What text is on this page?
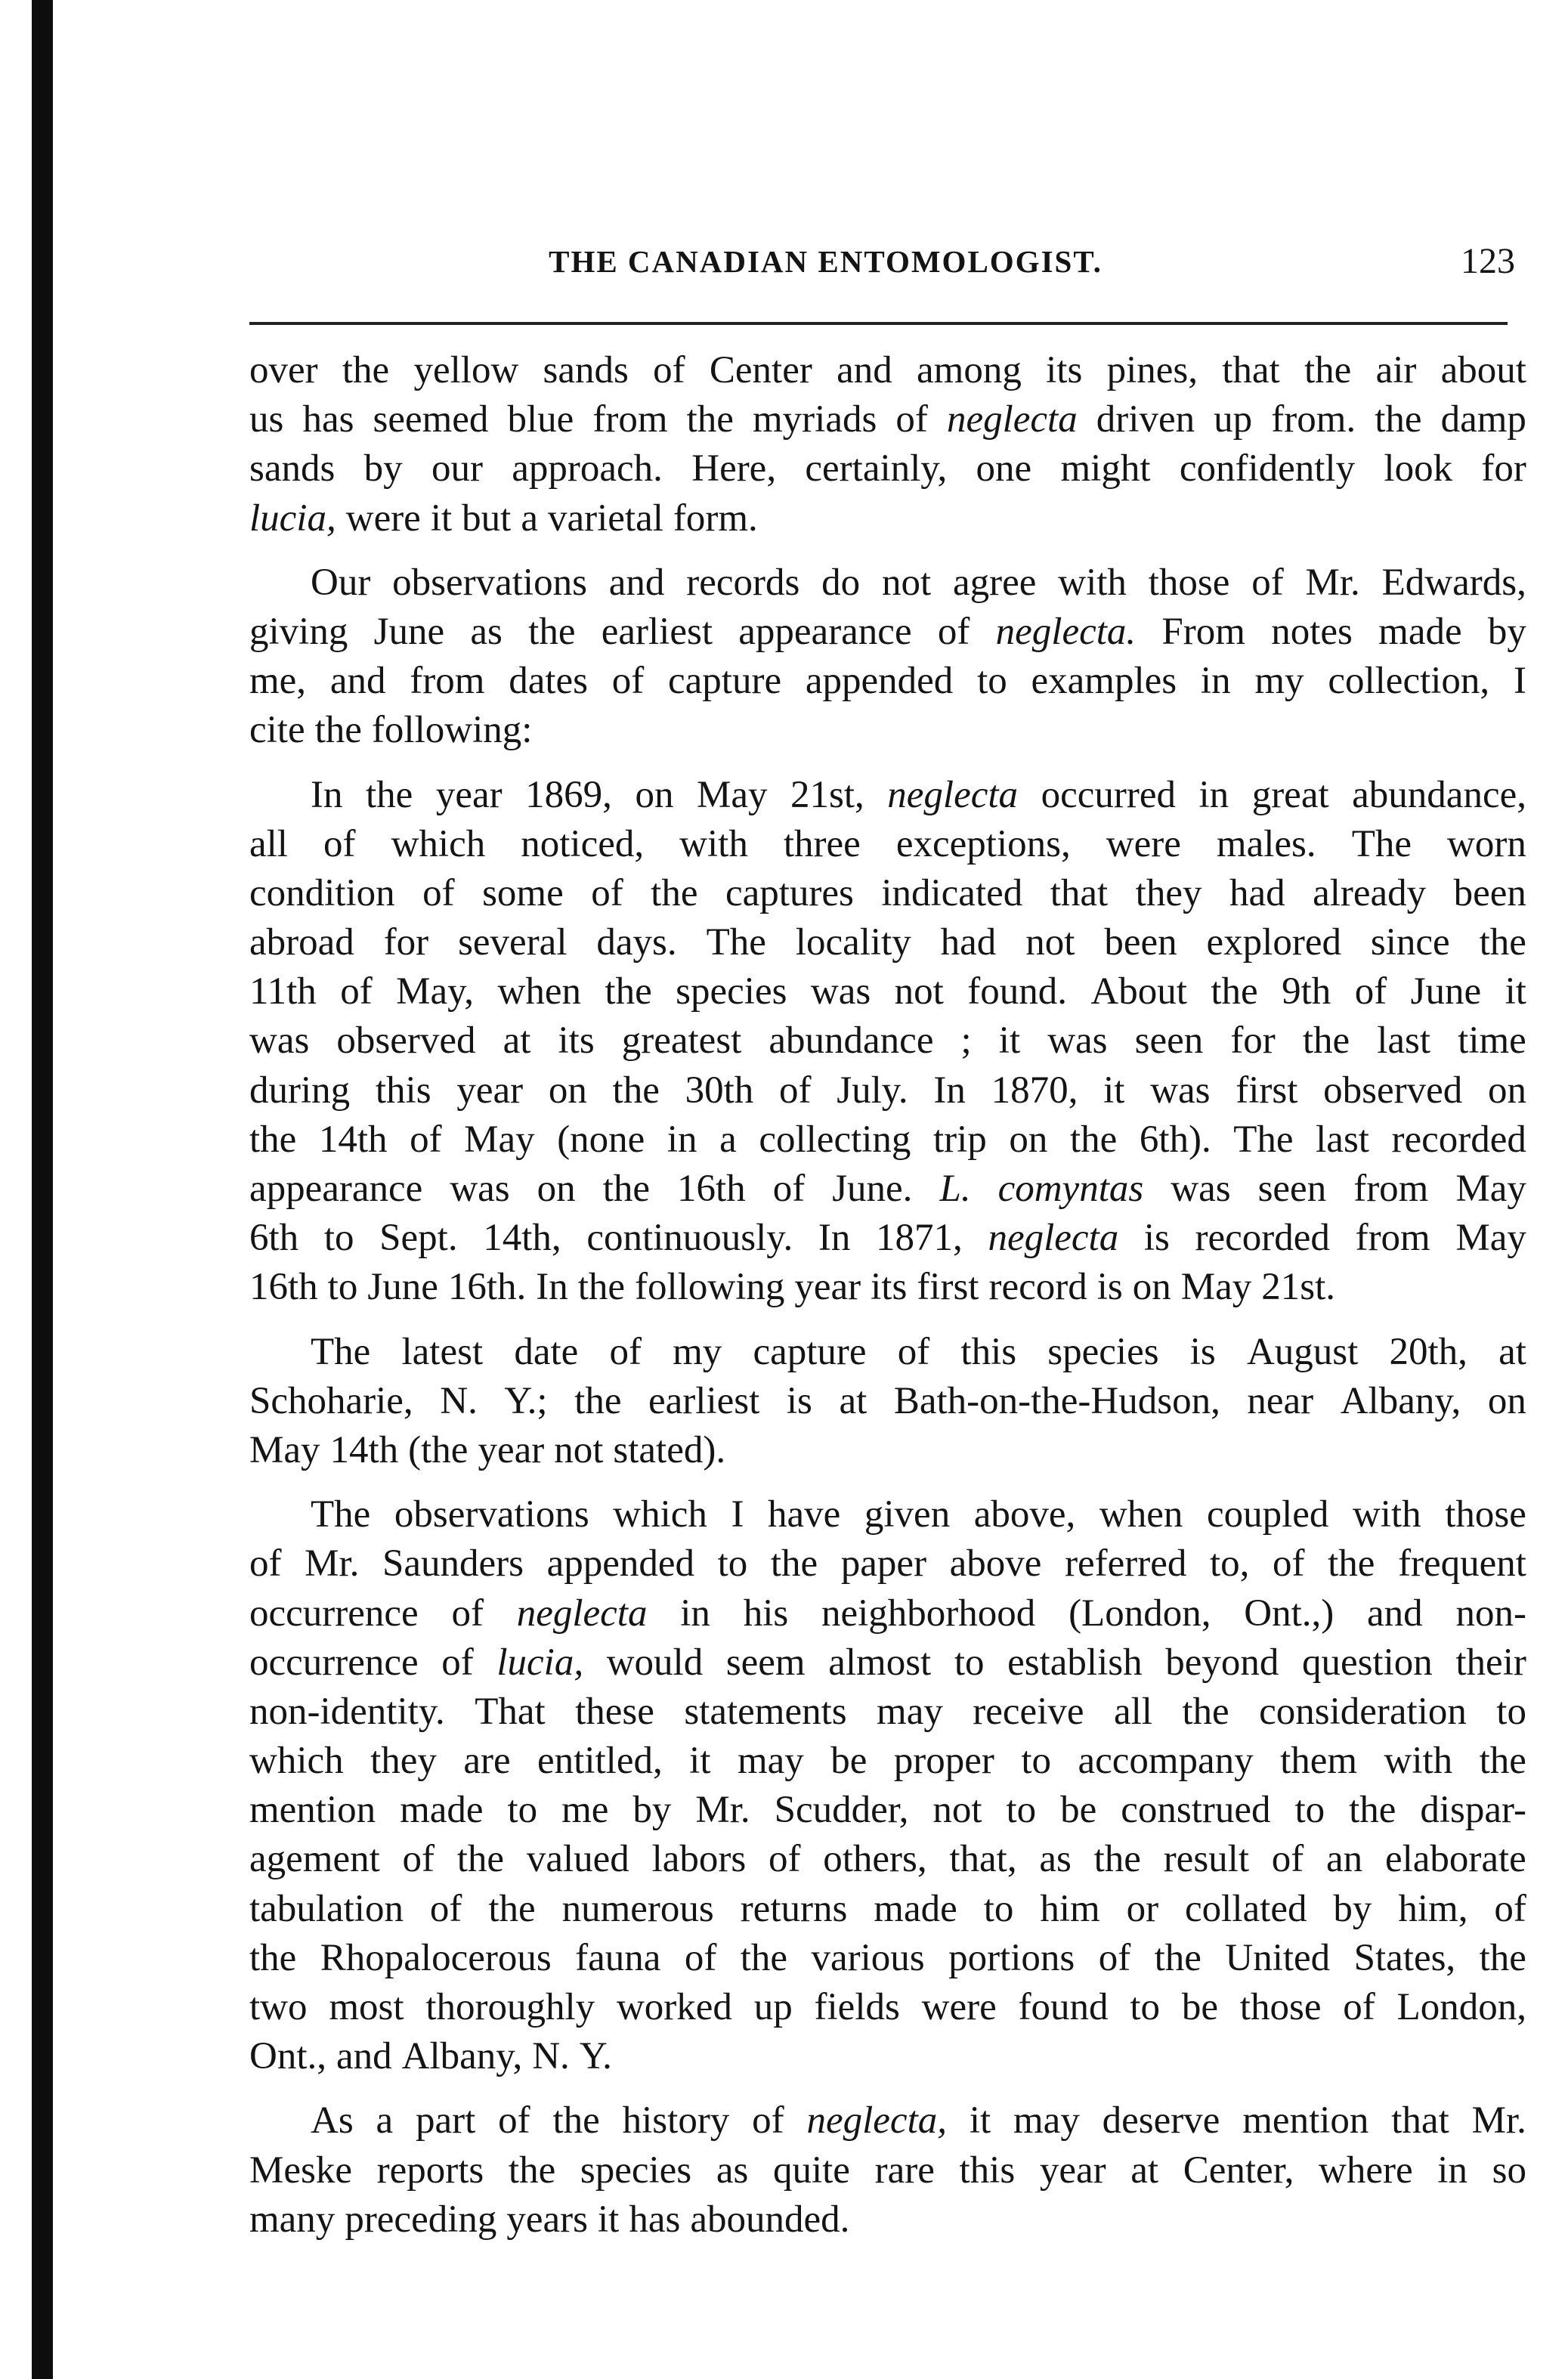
THE CANADIAN ENTOMOLOGIST.	123
over the yellow sands of Center and among its pines, that the air about
us has seemed blue from the myriads of neglecta driven up from. the damp
sands by our approach. Here, certainly, one might confidently look for
lucia, were it but a varietal form.
Our observations and records do not agree with those of Mr. Edwards,
giving June as the earliest appearance of neglecta. From notes made by
me, and from dates of capture appended to examples in my collection, I
cite the following:
In the year 1869, on May 21st, neglecta occurred in great abundance,
all of which noticed, with three exceptions, were males. The worn
condition of some of the captures indicated that they had already been
abroad for several days. The locality had not been explored since the
11th of May, when the species was not found. About the 9th of June it
was observed at its greatest abundance ; it was seen for the last time
during this year on the 30th of July. In 1870, it was first observed on
the 14th of May (none in a collecting trip on the 6th). The last recorded
appearance was on the 16th of June. L. comyntas was seen from May
6th to Sept. 14th, continuously. In 1871, neglecta is recorded from May
16th to June 16th. In the following year its first record is on May 21st.
The latest date of my capture of this species is August 20th, at
Schoharie, N. Y.; the earliest is at Bath-on-the-Hudson, near Albany, on
May 14th (the year not stated).
The observations which I have given above, when coupled with those
of Mr. Saunders appended to the paper above referred to, of the frequent
occurrence of neglecta in his neighborhood (London, Ont.,) and non-
occurrence of lucia, would seem almost to establish beyond question their
non-identity. That these statements may receive all the consideration to
which they are entitled, it may be proper to accompany them with the
mention made to me by Mr. Scudder, not to be construed to the dispar-
agement of the valued labors of others, that, as the result of an elaborate
tabulation of the numerous returns made to him or collated by him, of
the Rhopalocerous fauna of the various portions of the United States, the
two most thoroughly worked up fields were found to be those of London,
Ont., and Albany, N. Y.
As a part of the history of neglecta, it may deserve mention that Mr.
Meske reports the species as quite rare this year at Center, where in so
many preceding years it has abounded.
